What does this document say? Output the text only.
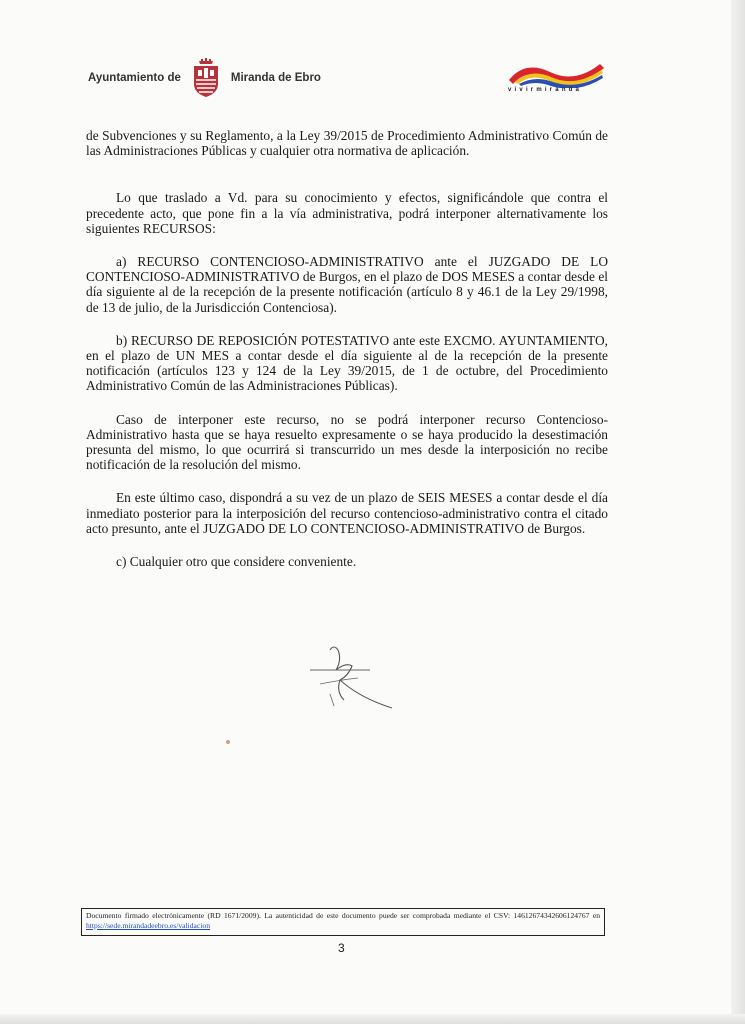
Ayuntamiento de	Miranda de Ebro
vivirmiranda

de Subvenciones y su Reglamento, a la Ley 39/2015 de Procedimiento Administrativo Común de las Administraciones Públicas y cualquier otra normativa de aplicación.

Lo que traslado a Vd. para su conocimiento y efectos, significándole que contra el precedente acto, que pone fin a la vía administrativa, podrá interponer alternativamente los siguientes RECURSOS:

a) RECURSO CONTENCIOSO-ADMINISTRATIVO ante el JUZGADO DE LO CONTENCIOSO-ADMINISTRATIVO de Burgos, en el plazo de DOS MESES a contar desde el día siguiente al de la recepción de la presente notificación (artículo 8 y 46.1 de la Ley 29/1998, de 13 de julio, de la Jurisdicción Contenciosa).

b) RECURSO DE REPOSICIÓN POTESTATIVO ante este EXCMO. AYUNTAMIENTO, en el plazo de UN MES a contar desde el día siguiente al de la recepción de la presente notificación (artículos 123 y 124 de la Ley 39/2015, de 1 de octubre, del Procedimiento Administrativo Común de las Administraciones Públicas).

Caso de interponer este recurso, no se podrá interponer recurso Contencioso-Administrativo hasta que se haya resuelto expresamente o se haya producido la desestimación presunta del mismo, lo que ocurrirá si transcurrido un mes desde la interposición no recibe notificación de la resolución del mismo.

En este último caso, dispondrá a su vez de un plazo de SEIS MESES a contar desde el día inmediato posterior para la interposición del recurso contencioso-administrativo contra el citado acto presunto, ante el JUZGADO DE LO CONTENCIOSO-ADMINISTRATIVO de Burgos.

c) Cualquier otro que considere conveniente.

Documento firmado electrónicamente (RD 1671/2009). La autenticidad de este documento puede ser comprobada mediante el CSV: 14612674342606124767 en https://sede.mirandadeebro.es/validacion
3
